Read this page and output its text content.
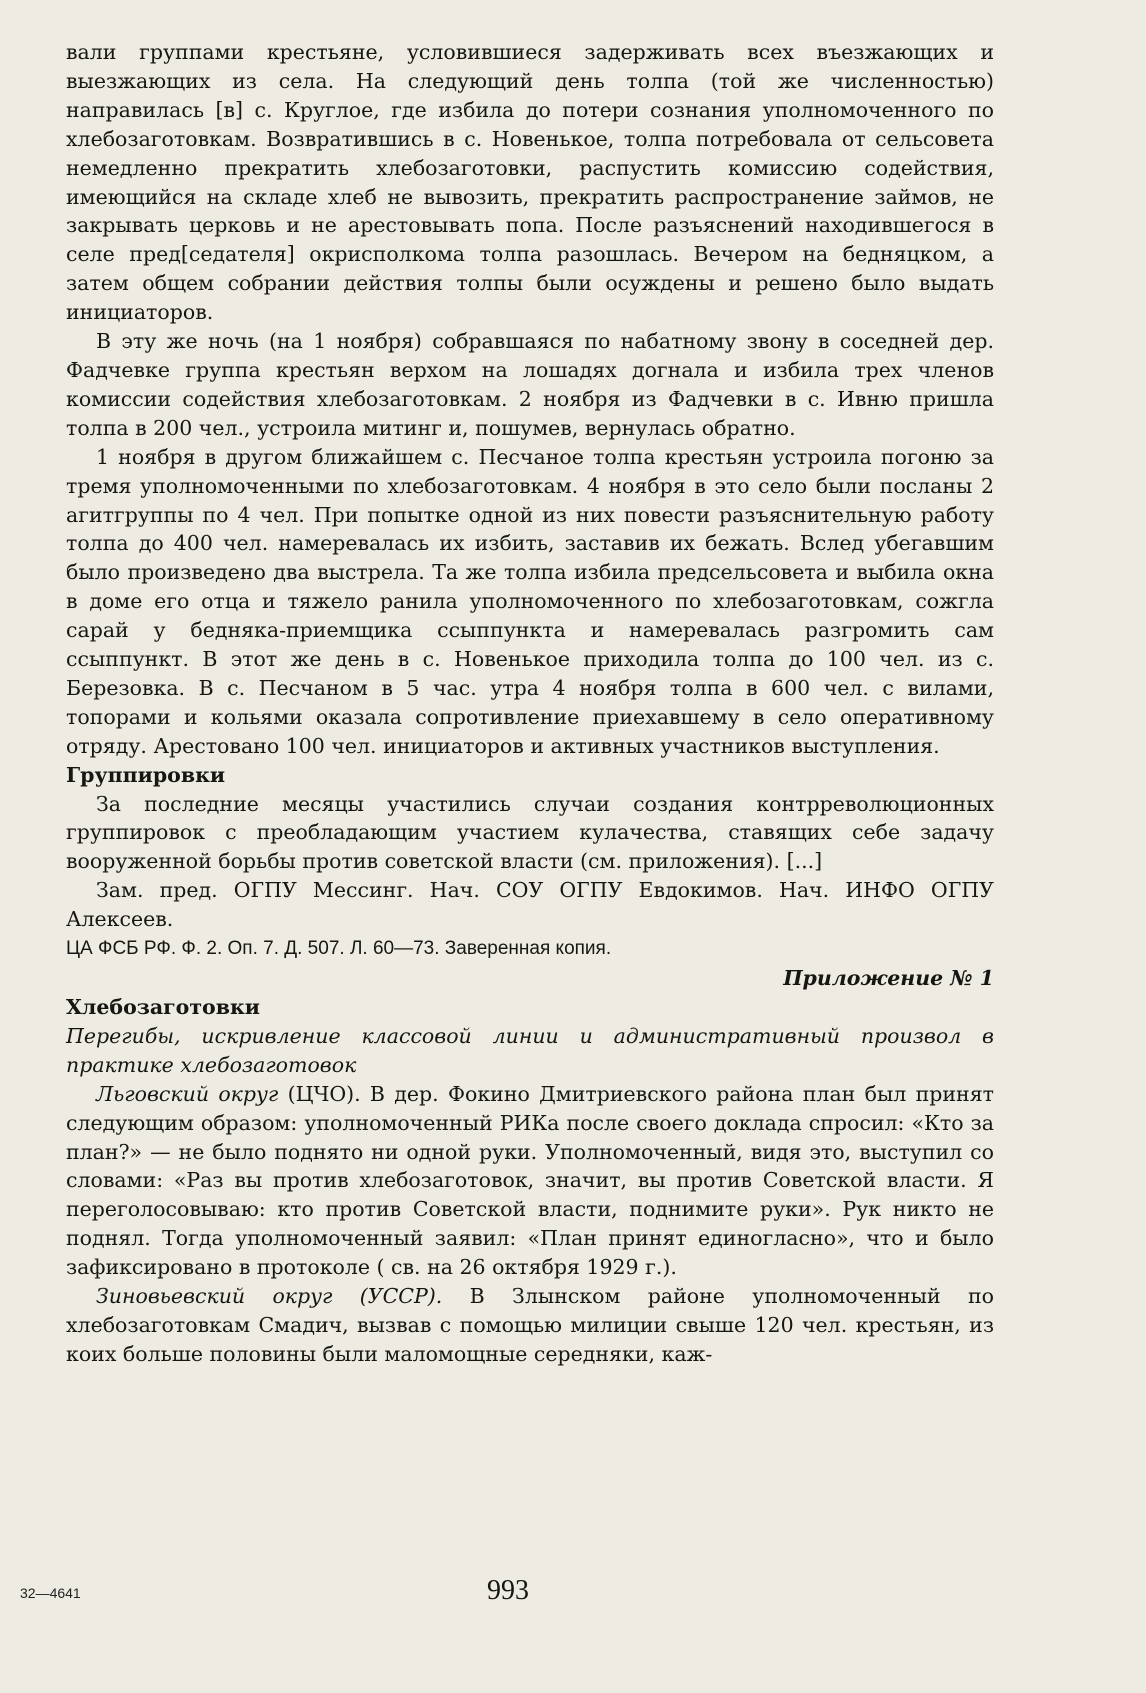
вали группами крестьяне, условившиеся задерживать всех въезжающих и выезжающих из села. На следующий день толпа (той же численностью) направилась [в] с. Круглое, где избила до потери сознания уполномоченного по хлебозаготовкам. Возвратившись в с. Новенькое, толпа потребовала от сельсовета немедленно прекратить хлебозаготовки, распустить комиссию содействия, имеющийся на складе хлеб не вывозить, прекратить распространение займов, не закрывать церковь и не арестовывать попа. После разъяснений находившегося в селе пред[седателя] окрисполкома толпа разошлась. Вечером на бедняцком, а затем общем собрании действия толпы были осуждены и решено было выдать инициаторов.

В эту же ночь (на 1 ноября) собравшаяся по набатному звону в соседней дер. Фадчевке группа крестьян верхом на лошадях догнала и избила трех членов комиссии содействия хлебозаготовкам. 2 ноября из Фадчевки в с. Ивню пришла толпа в 200 чел., устроила митинг и, пошумев, вернулась обратно.

1 ноября в другом ближайшем с. Песчаное толпа крестьян устроила погоню за тремя уполномоченными по хлебозаготовкам. 4 ноября в это село были посланы 2 агитгруппы по 4 чел. При попытке одной из них повести разъяснительную работу толпа до 400 чел. намеревалась их избить, заставив их бежать. Вслед убегавшим было произведено два выстрела. Та же толпа избила предсельсовета и выбила окна в доме его отца и тяжело ранила уполномоченного по хлебозаготовкам, сожгла сарай у бедняка-приемщика ссыппункта и намеревалась разгромить сам ссыппункт. В этот же день в с. Новенькое приходила толпа до 100 чел. из с. Березовка. В с. Песчаном в 5 час. утра 4 ноября толпа в 600 чел. с вилами, топорами и кольями оказала сопротивление приехавшему в село оперативному отряду. Арестовано 100 чел. инициаторов и активных участников выступления.

Группировки

За последние месяцы участились случаи создания контрреволюционных группировок с преобладающим участием кулачества, ставящих себе задачу вооруженной борьбы против советской власти (см. приложения). [...]

Зам. пред. ОГПУ Мессинг. Нач. СОУ ОГПУ Евдокимов. Нач. ИНФО ОГПУ Алексеев.

ЦА ФСБ РФ. Ф. 2. Оп. 7. Д. 507. Л. 60—73. Заверенная копия.

Приложение № 1

Хлебозаготовки

Перегибы, искривление классовой линии и административный произвол в практике хлебозаготовок

Льговский округ (ЦЧО). В дер. Фокино Дмитриевского района план был принят следующим образом: уполномоченный РИКа после своего доклада спросил: «Кто за план?» — не было поднято ни одной руки. Уполномоченный, видя это, выступил со словами: «Раз вы против хлебозаготовок, значит, вы против Советской власти. Я переголосовываю: кто против Советской власти, поднимите руки». Рук никто не поднял. Тогда уполномоченный заявил: «План принят единогласно», что и было зафиксировано в протоколе ( св. на 26 октября 1929 г.).

Зиновьевский округ (УССР). В Злынском районе уполномоченный по хлебозаготовкам Смадич, вызвав с помощью милиции свыше 120 чел. крестьян, из коих больше половины были маломощные середняки, каж-

32—4641	993
